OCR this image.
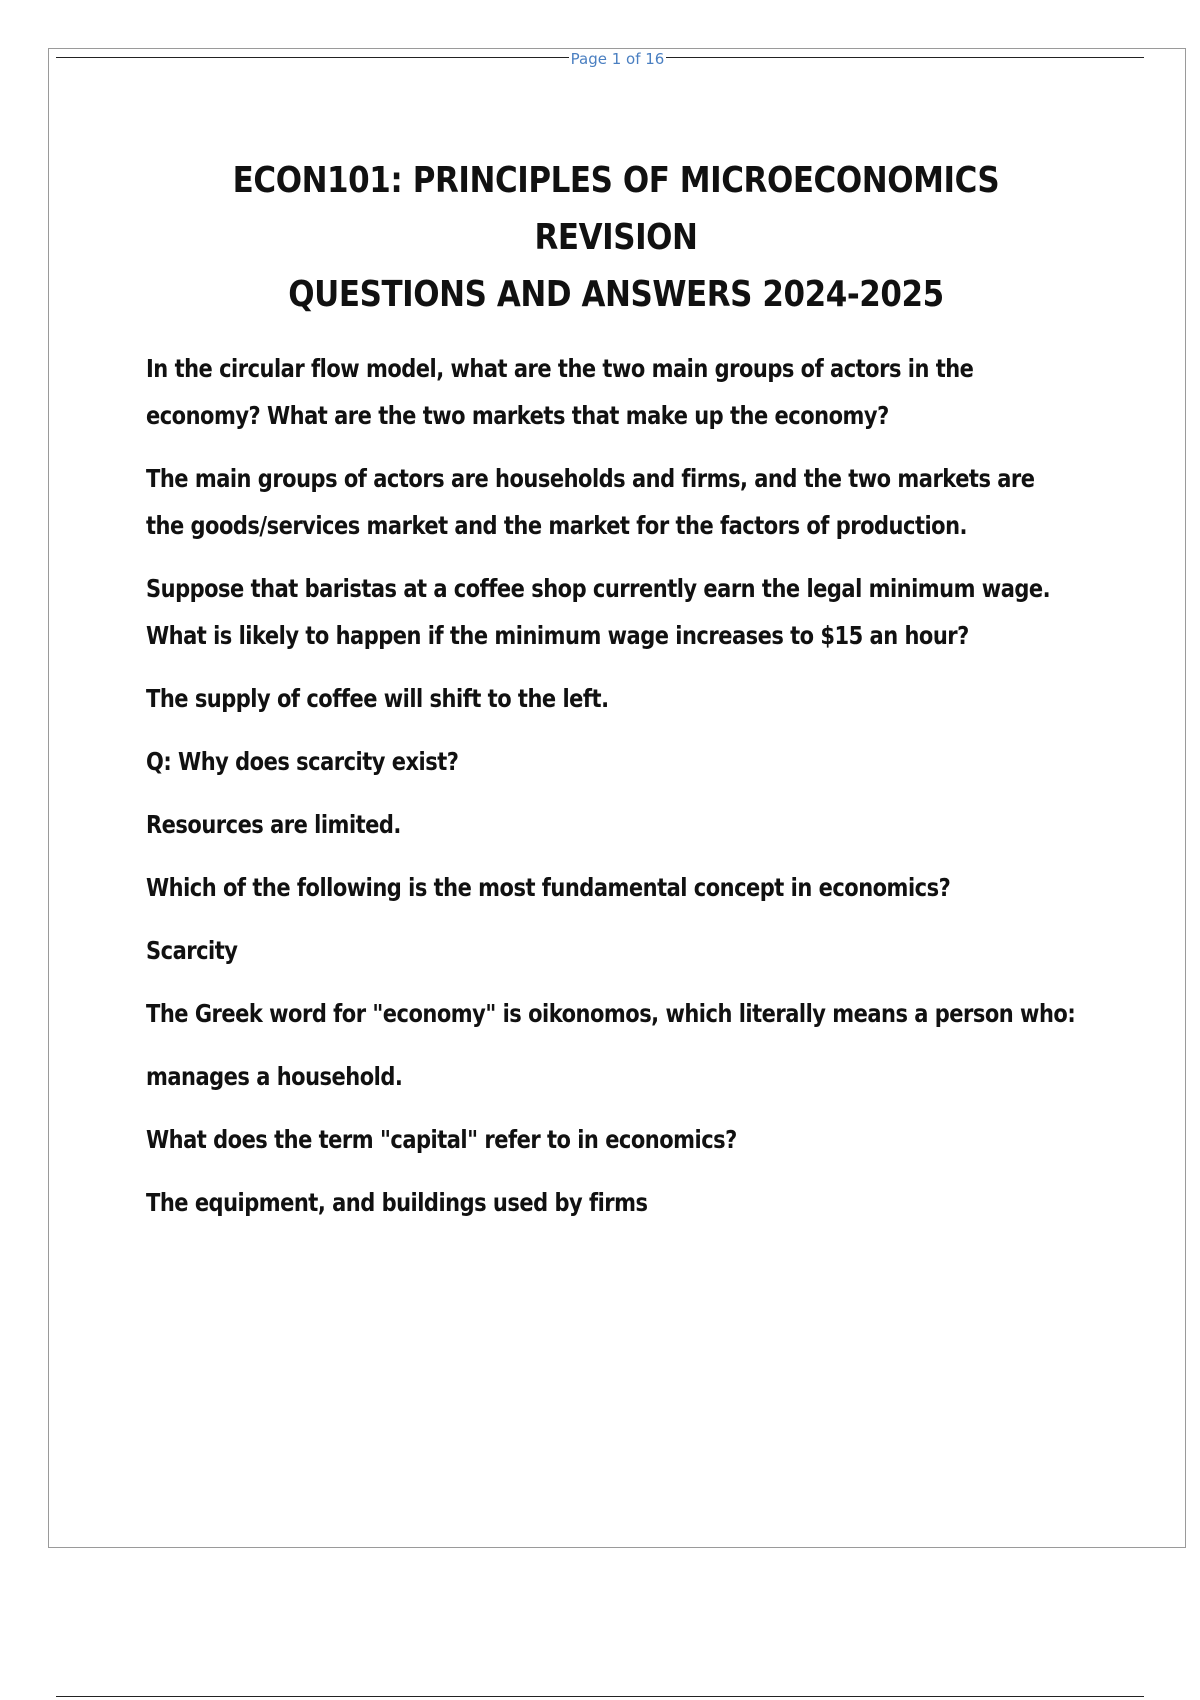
Page 1 of 16
ECON101: PRINCIPLES OF MICROECONOMICS REVISION
QUESTIONS AND ANSWERS 2024-2025

In the circular flow model, what are the two main groups of actors in the economy? What are the two markets that make up the economy?

The main groups of actors are households and firms, and the two markets are the goods/services market and the market for the factors of production.

Suppose that baristas at a coffee shop currently earn the legal minimum wage. What is likely to happen if the minimum wage increases to $15 an hour?

The supply of coffee will shift to the left.

Q: Why does scarcity exist?

Resources are limited.

Which of the following is the most fundamental concept in economics?

Scarcity

The Greek word for "economy" is oikonomos, which literally means a person who:

manages a household.

What does the term "capital" refer to in economics?

The equipment, and buildings used by firms
